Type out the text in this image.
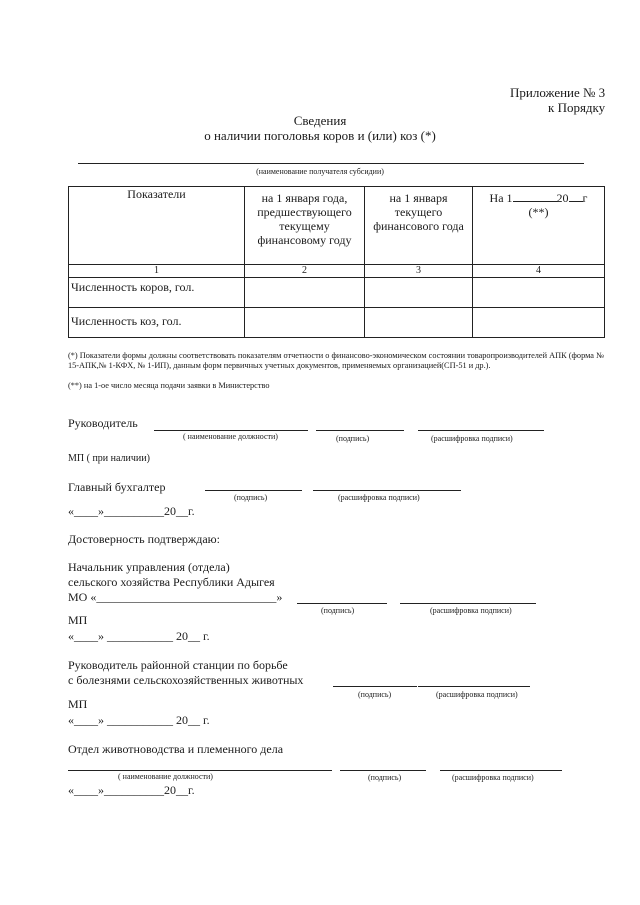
Приложение № 3
к Порядку
Сведения
о наличии поголовья коров и (или) коз (*)
(наименование получателя субсидии)
Показатели	на 1 января года, предшествующего текущему финансовому году	на 1 января текущего финансового года	На 1 20 г
(**)
1	2	3	4
Численность коров, гол.			
Численность коз, гол.			
(*) Показатели формы должны соответствовать показателям отчетности о финансово-экономическом состоянии товаропроизводителей АПК (форма № 15-АПК,№ 1-КФХ, № 1-ИП), данным форм первичных учетных документов, применяемых организацией(СП-51 и др.).
(**) на 1-ое число месяца подачи заявки в Министерство
Руководитель
( наименование должности)	(подпись)	(расшифровка подписи)
МП ( при наличии)
Главный бухгалтер
(подпись)	(расшифровка подписи)
«____»__________20__г.
Достоверность подтверждаю:
Начальник управления (отдела)
сельского хозяйства Республики Адыгея
МО «______________________________»
(подпись)	(расшифровка подписи)
МП
«____» ___________ 20__ г.
Руководитель районной станции по борьбе
с болезнями сельскохозяйственных животных
(подпись)	(расшифровка подписи)
МП
«____» ___________ 20__ г.
Отдел животноводства и племенного дела
( наименование должности)	(подпись)	(расшифровка подписи)
«____»__________20__г.
